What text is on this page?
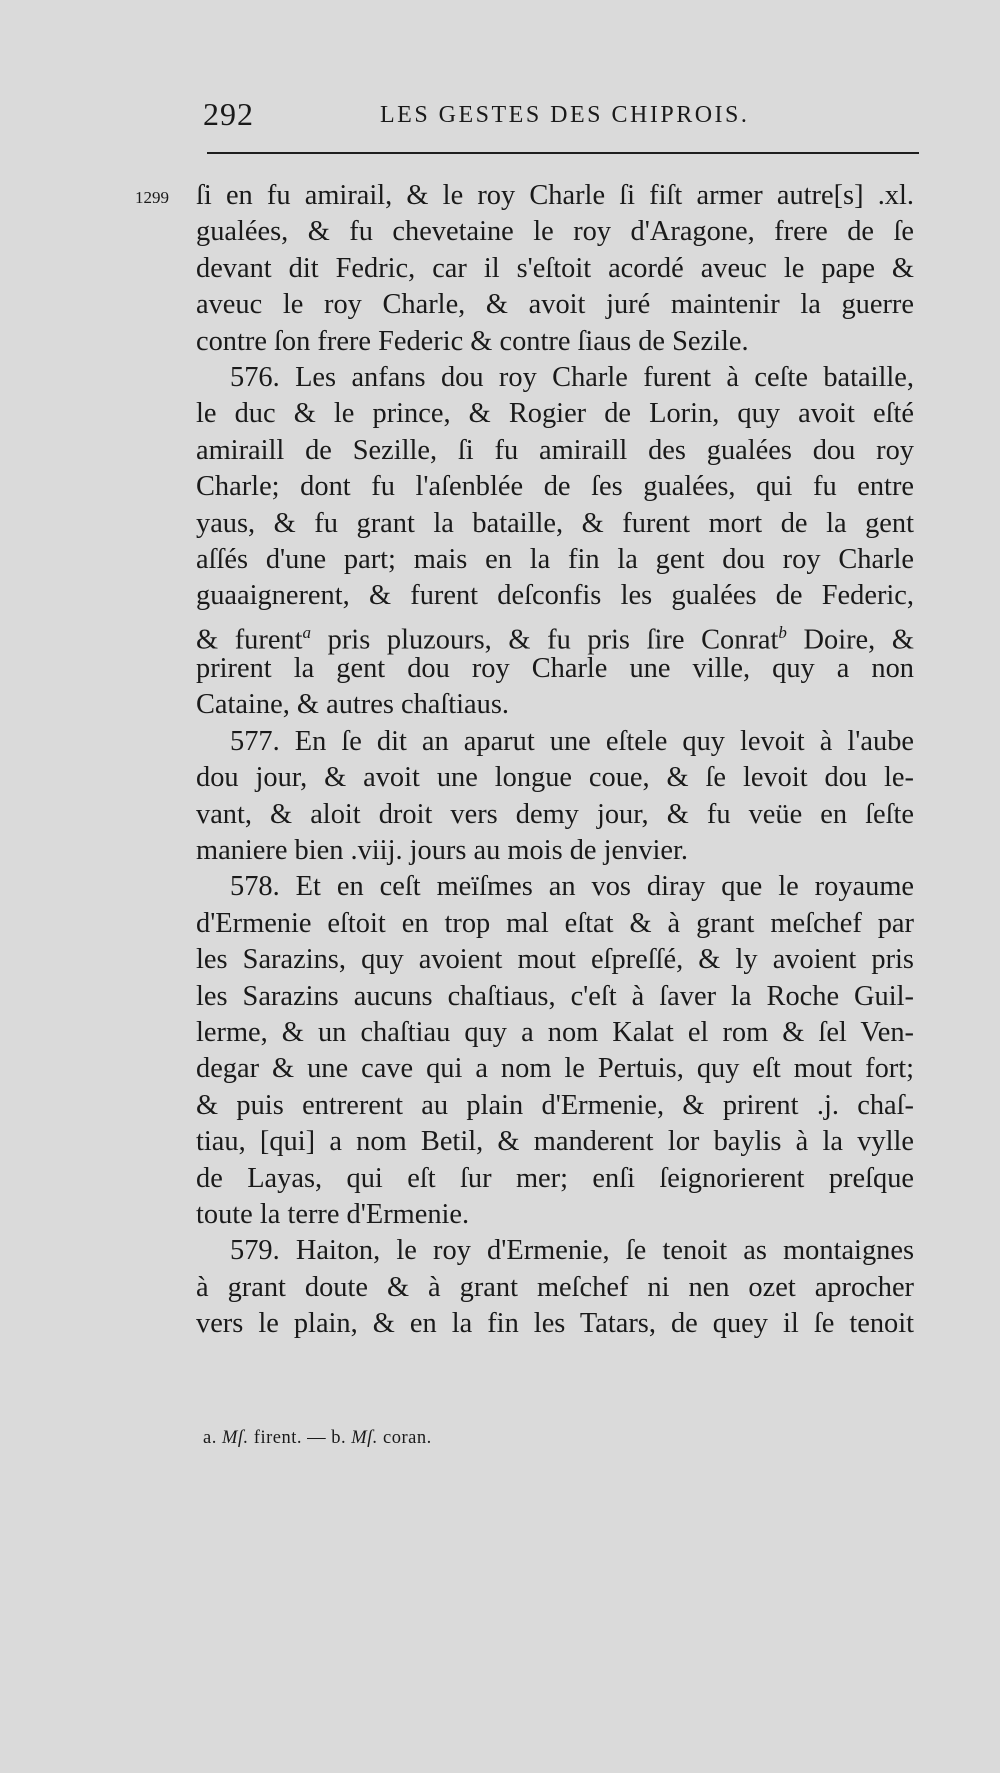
292	LES GESTES DES CHIPROIS.
1299 ſi en fu amirail, & le roy Charle ſi fiſt armer autre[s] .xl.
gualées, & fu chevetaine le roy d'Aragone, frere de ſe
devant dit Fedric, car il s'eſtoit acordé aveuc le pape &
aveuc le roy Charle, & avoit juré maintenir la guerre
contre ſon frere Federic & contre ſiaus de Sezile.
576. Les anfans dou roy Charle furent à ceſte bataille,
le duc & le prince, & Rogier de Lorin, quy avoit eſté
amiraill de Sezille, ſi fu amiraill des gualées dou roy
Charle; dont fu l'aſenblée de ſes gualées, qui fu entre
yaus, & fu grant la bataille, & furent mort de la gent
aſſés d'une part; mais en la fin la gent dou roy Charle
guaaignerent, & furent deſconfis les gualées de Federic,
& furent$^a$ pris pluzours, & fu pris ſire Conrat$^b$ Doire, &
prirent la gent dou roy Charle une ville, quy a non
Cataine, & autres chaſtiaus.
577. En ſe dit an aparut une eſtele quy levoit à l'aube
dou jour, & avoit une longue coue, & ſe levoit dou le-
vant, & aloit droit vers demy jour, & fu veüe en ſeſte
maniere bien .viij. jours au mois de jenvier.
578. Et en ceſt meïſmes an vos diray que le royaume
d'Ermenie eſtoit en trop mal eſtat & à grant meſchef par
les Sarazins, quy avoient mout eſpreſſé, & ly avoient pris
les Sarazins aucuns chaſtiaus, c'eſt à ſaver la Roche Guil-
lerme, & un chaſtiau quy a nom Kalat el rom & ſel Ven-
degar & une cave qui a nom le Pertuis, quy eſt mout fort;
& puis entrerent au plain d'Ermenie, & prirent .j. chaſ-
tiau, [qui] a nom Betil, & manderent lor baylis à la vylle
de Layas, qui eſt ſur mer; enſi ſeignorierent preſque
toute la terre d'Ermenie.
579. Haiton, le roy d'Ermenie, ſe tenoit as montaignes
à grant doute & à grant meſchef ni nen ozet aprocher
vers le plain, & en la fin les Tatars, de quey il ſe tenoit
a. Mſ. firent. — b. Mſ. coran.
